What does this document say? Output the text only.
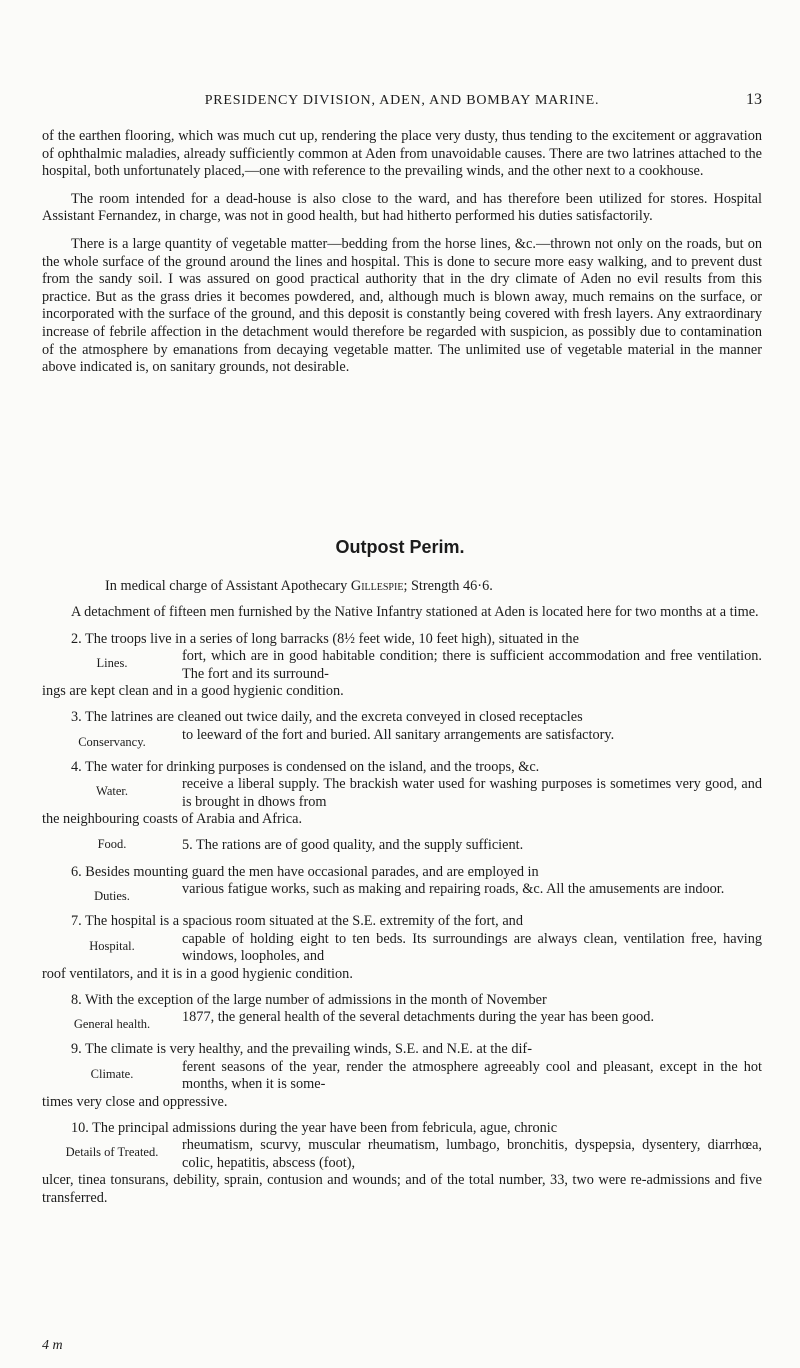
PRESIDENCY DIVISION, ADEN, AND BOMBAY MARINE.	13

of the earthen flooring, which was much cut up, rendering the place very dusty, thus tending to the excitement or aggravation of ophthalmic maladies, already sufficiently common at Aden from unavoidable causes. There are two latrines attached to the hospital, both unfortunately placed,—one with reference to the prevailing winds, and the other next to a cookhouse.

The room intended for a dead-house is also close to the ward, and has therefore been utilized for stores. Hospital Assistant Fernandez, in charge, was not in good health, but had hitherto performed his duties satisfactorily.

There is a large quantity of vegetable matter—bedding from the horse lines, &c.—thrown not only on the roads, but on the whole surface of the ground around the lines and hospital. This is done to secure more easy walking, and to prevent dust from the sandy soil. I was assured on good practical authority that in the dry climate of Aden no evil results from this practice. But as the grass dries it becomes powdered, and, although much is blown away, much remains on the surface, or incorporated with the surface of the ground, and this deposit is constantly being covered with fresh layers. Any extraordinary increase of febrile affection in the detachment would therefore be regarded with suspicion, as possibly due to contamination of the atmosphere by emanations from decaying vegetable matter. The unlimited use of vegetable material in the manner above indicated is, on sanitary grounds, not desirable.

Outpost Perim.

In medical charge of Assistant Apothecary Gillespie; Strength 46·6.

A detachment of fifteen men furnished by the Native Infantry stationed at Aden is located here for two months at a time.

2. The troops live in a series of long barracks (8½ feet wide, 10 feet high), situated in the
Lines.	fort, which are in good habitable condition; there is sufficient accommodation and free ventilation. The fort and its surround-
ings are kept clean and in a good hygienic condition.
3. The latrines are cleaned out twice daily, and the excreta conveyed in closed receptacles
Conservancy.	to leeward of the fort and buried. All sanitary arrangements are satisfactory.
4. The water for drinking purposes is condensed on the island, and the troops, &c.
Water.	receive a liberal supply. The brackish water used for washing purposes is sometimes very good, and is brought in dhows from
the neighbouring coasts of Arabia and Africa.
Food.	5. The rations are of good quality, and the supply sufficient.
6. Besides mounting guard the men have occasional parades, and are employed in
Duties.	various fatigue works, such as making and repairing roads, &c. All the amusements are indoor.
7. The hospital is a spacious room situated at the S.E. extremity of the fort, and
Hospital.	capable of holding eight to ten beds. Its surroundings are always clean, ventilation free, having windows, loopholes, and
roof ventilators, and it is in a good hygienic condition.
8. With the exception of the large number of admissions in the month of November
General health.	1877, the general health of the several detachments during the year has been good.
9. The climate is very healthy, and the prevailing winds, S.E. and N.E. at the dif-
Climate.	ferent seasons of the year, render the atmosphere agreeably cool and pleasant, except in the hot months, when it is some-
times very close and oppressive.
10. The principal admissions during the year have been from febricula, ague, chronic
Details of Treated.	rheumatism, scurvy, muscular rheumatism, lumbago, bronchitis, dyspepsia, dysentery, diarrhœa, colic, hepatitis, abscess (foot),
ulcer, tinea tonsurans, debility, sprain, contusion and wounds; and of the total number, 33, two were re-admissions and five transferred.
4 m
